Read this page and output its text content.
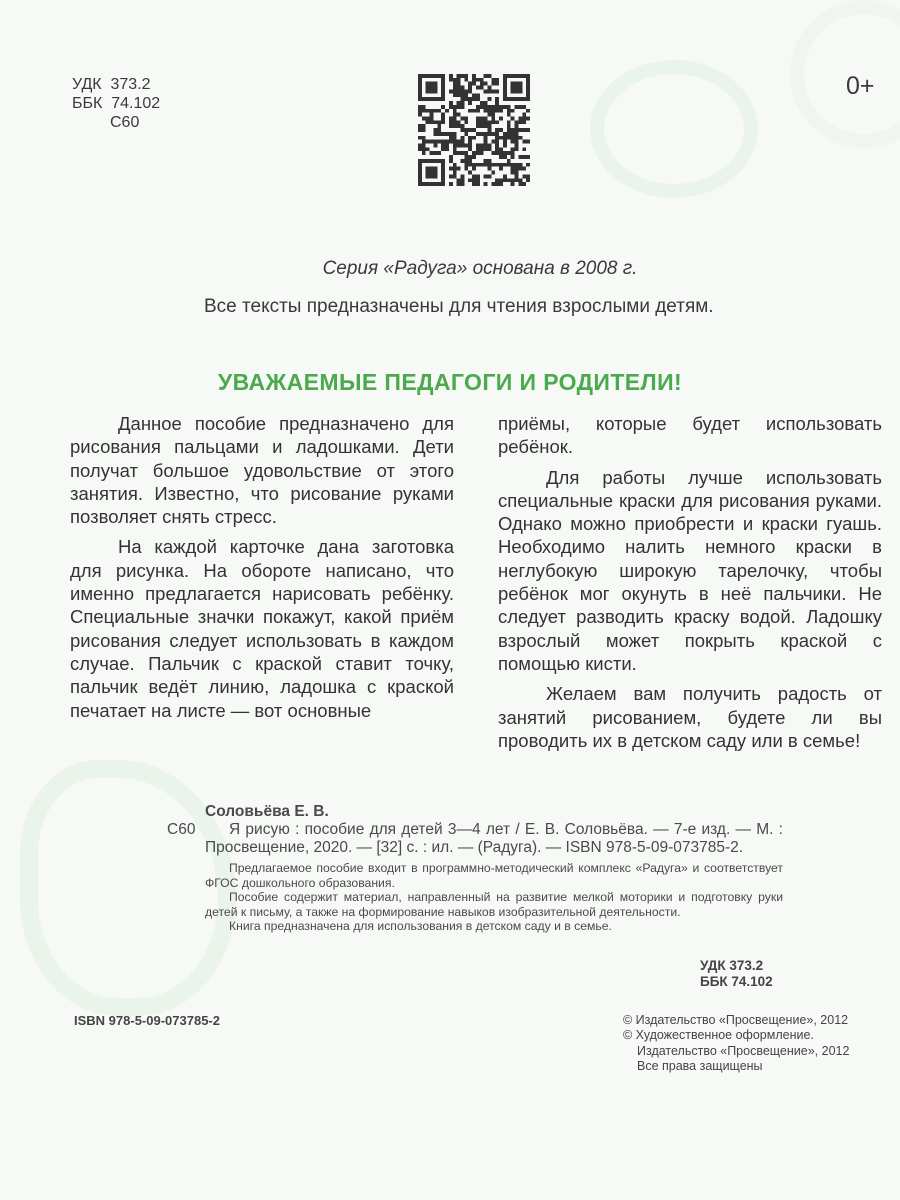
УДК  373.2
ББК  74.102
С60
0+
Серия «Радуга» основана в 2008 г.
Все тексты предназначены для чтения взрослыми детям.
УВАЖАЕМЫЕ ПЕДАГОГИ И РОДИТЕЛИ!

Данное пособие предназначено для рисования пальцами и ладошками. Дети получат большое удовольствие от этого занятия. Известно, что рисование руками позволяет снять стресс.

На каждой карточке дана заготовка для рисунка. На обороте написано, что именно предлагается нарисовать ребёнку. Специальные значки покажут, какой приём рисования следует использовать в каждом случае. Пальчик с краской ставит точку, пальчик ведёт линию, ладошка с краской печатает на листе — вот основные

приёмы, которые будет использовать ребёнок.

Для работы лучше использовать специальные краски для рисования руками. Однако можно приобрести и краски гуашь. Необходимо налить немного краски в неглубокую широкую тарелочку, чтобы ребёнок мог окунуть в неё пальчики. Не следует разводить краску водой. Ладошку взрослый может покрыть краской с помощью кисти.

Желаем вам получить радость от занятий рисованием, будете ли вы проводить их в детском саду или в семье!

Соловьёва Е. В.
С60	Я рисую : пособие для детей 3—4 лет / Е. В. Соловьёва. — 7-е изд. — М. : Просвещение, 2020. — [32] с. : ил. — (Радуга). — ISBN 978-5-09-073785-2.

Предлагаемое пособие входит в программно-методический комплекс «Радуга» и соответствует ФГОС дошкольного образования.

Пособие содержит материал, направленный на развитие мелкой моторики и подготовку руки детей к письму, а также на формирование навыков изобразительной деятельности.

Книга предназначена для использования в детском саду и в семье.

УДК 373.2
ББК 74.102
ISBN 978-5-09-073785-2	© Издательство «Просвещение», 2012
© Художественное оформление.
Издательство «Просвещение», 2012
Все права защищены
